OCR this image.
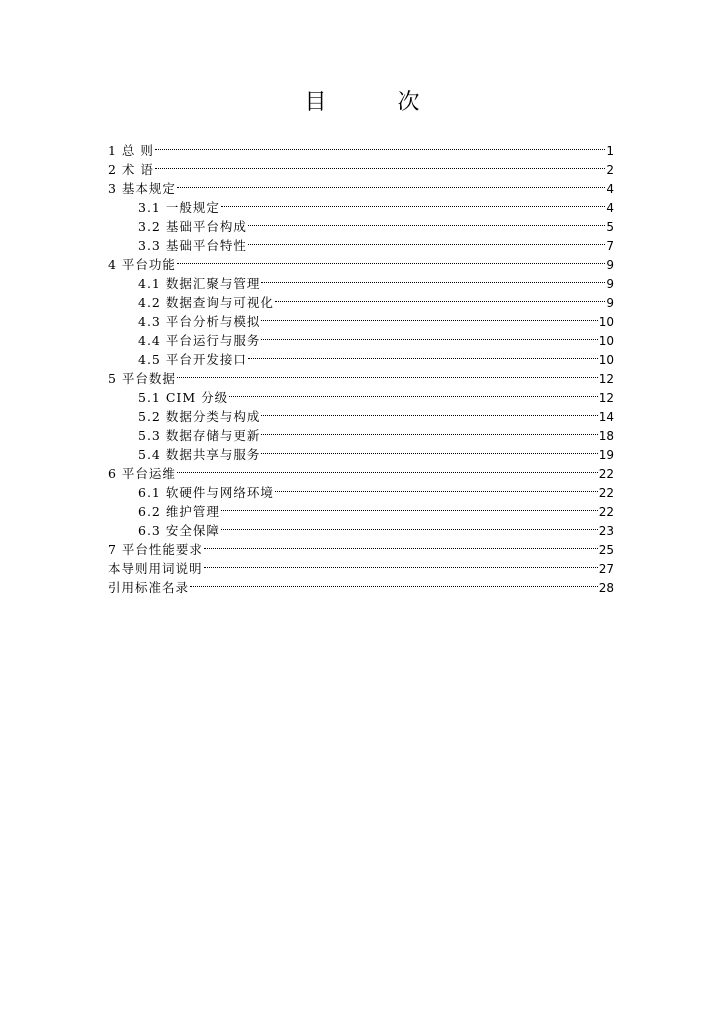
目 次
1 总 则	1
2 术 语	2
3 基本规定	4
3.1 一般规定	4
3.2 基础平台构成	5
3.3 基础平台特性	7
4 平台功能	9
4.1 数据汇聚与管理	9
4.2 数据查询与可视化	9
4.3 平台分析与模拟	10
4.4 平台运行与服务	10
4.5 平台开发接口	10
5 平台数据	12
5.1 CIM 分级	12
5.2 数据分类与构成	14
5.3 数据存储与更新	18
5.4 数据共享与服务	19
6 平台运维	22
6.1 软硬件与网络环境	22
6.2 维护管理	22
6.3 安全保障	23
7 平台性能要求	25
本导则用词说明	27
引用标准名录	28
